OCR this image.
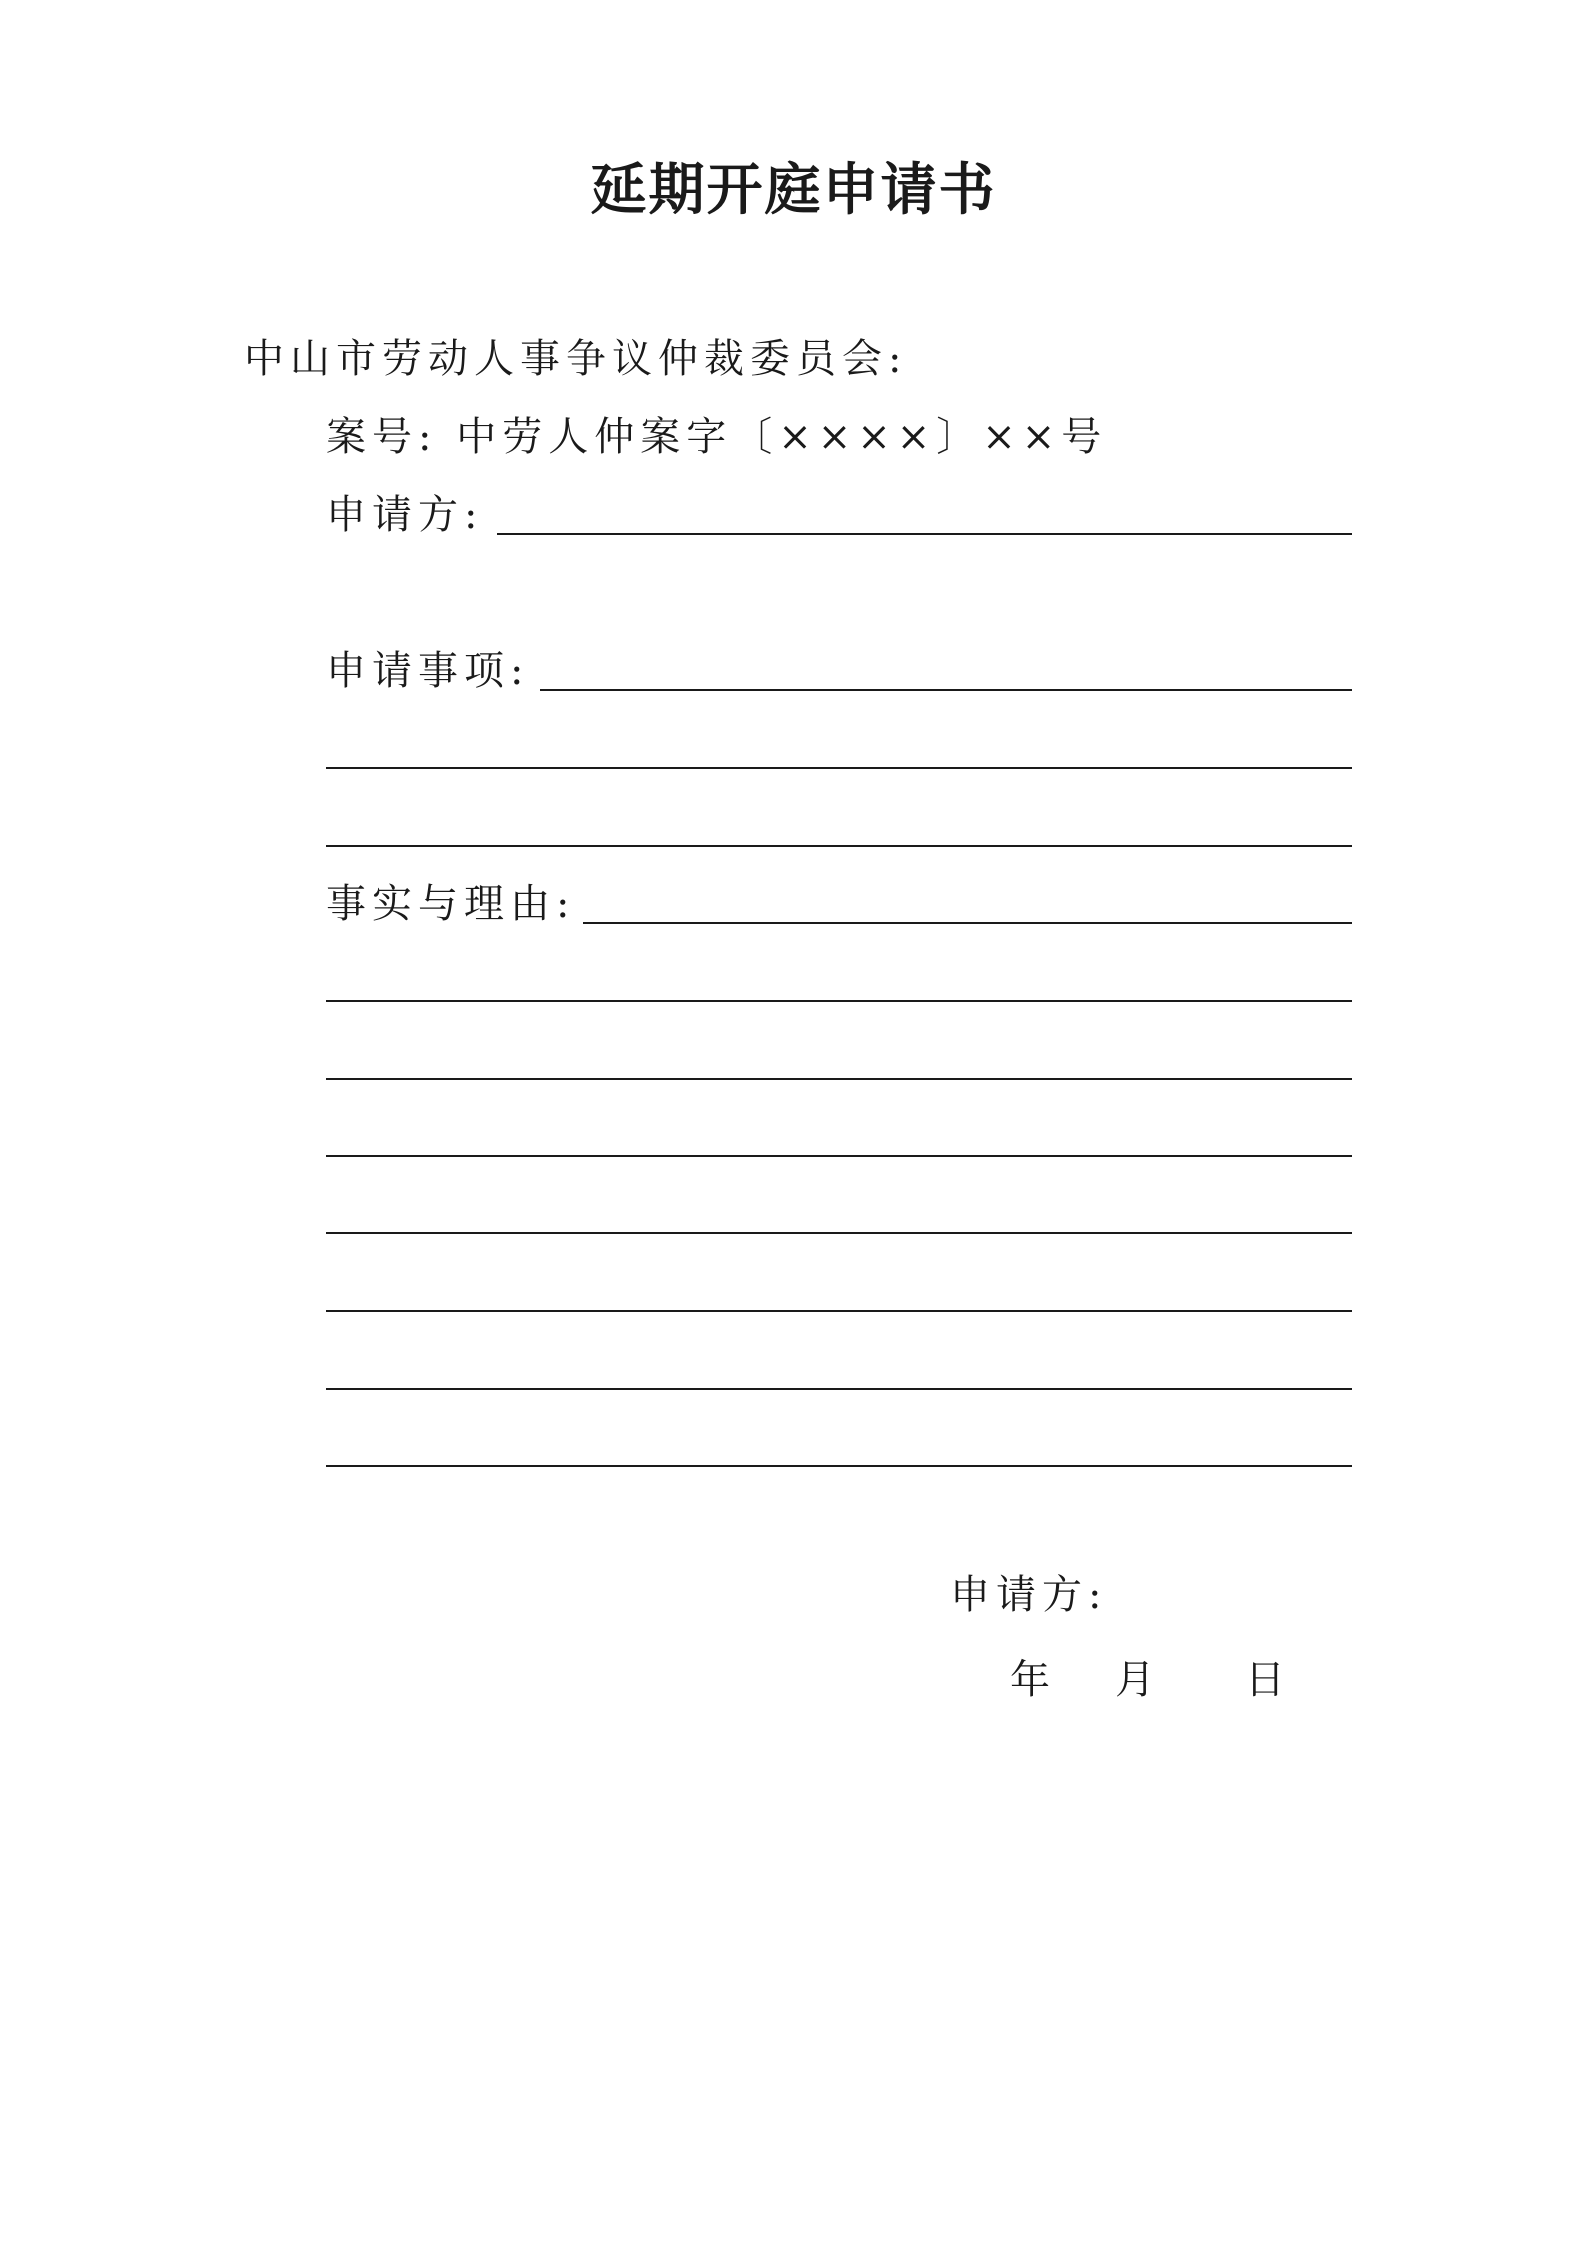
延期开庭申请书
中山市劳动人事争议仲裁委员会:
案号: 中劳人仲案字〔××××〕××号
申请方:
申请事项:
事实与理由:
申请方:
年 月 日
